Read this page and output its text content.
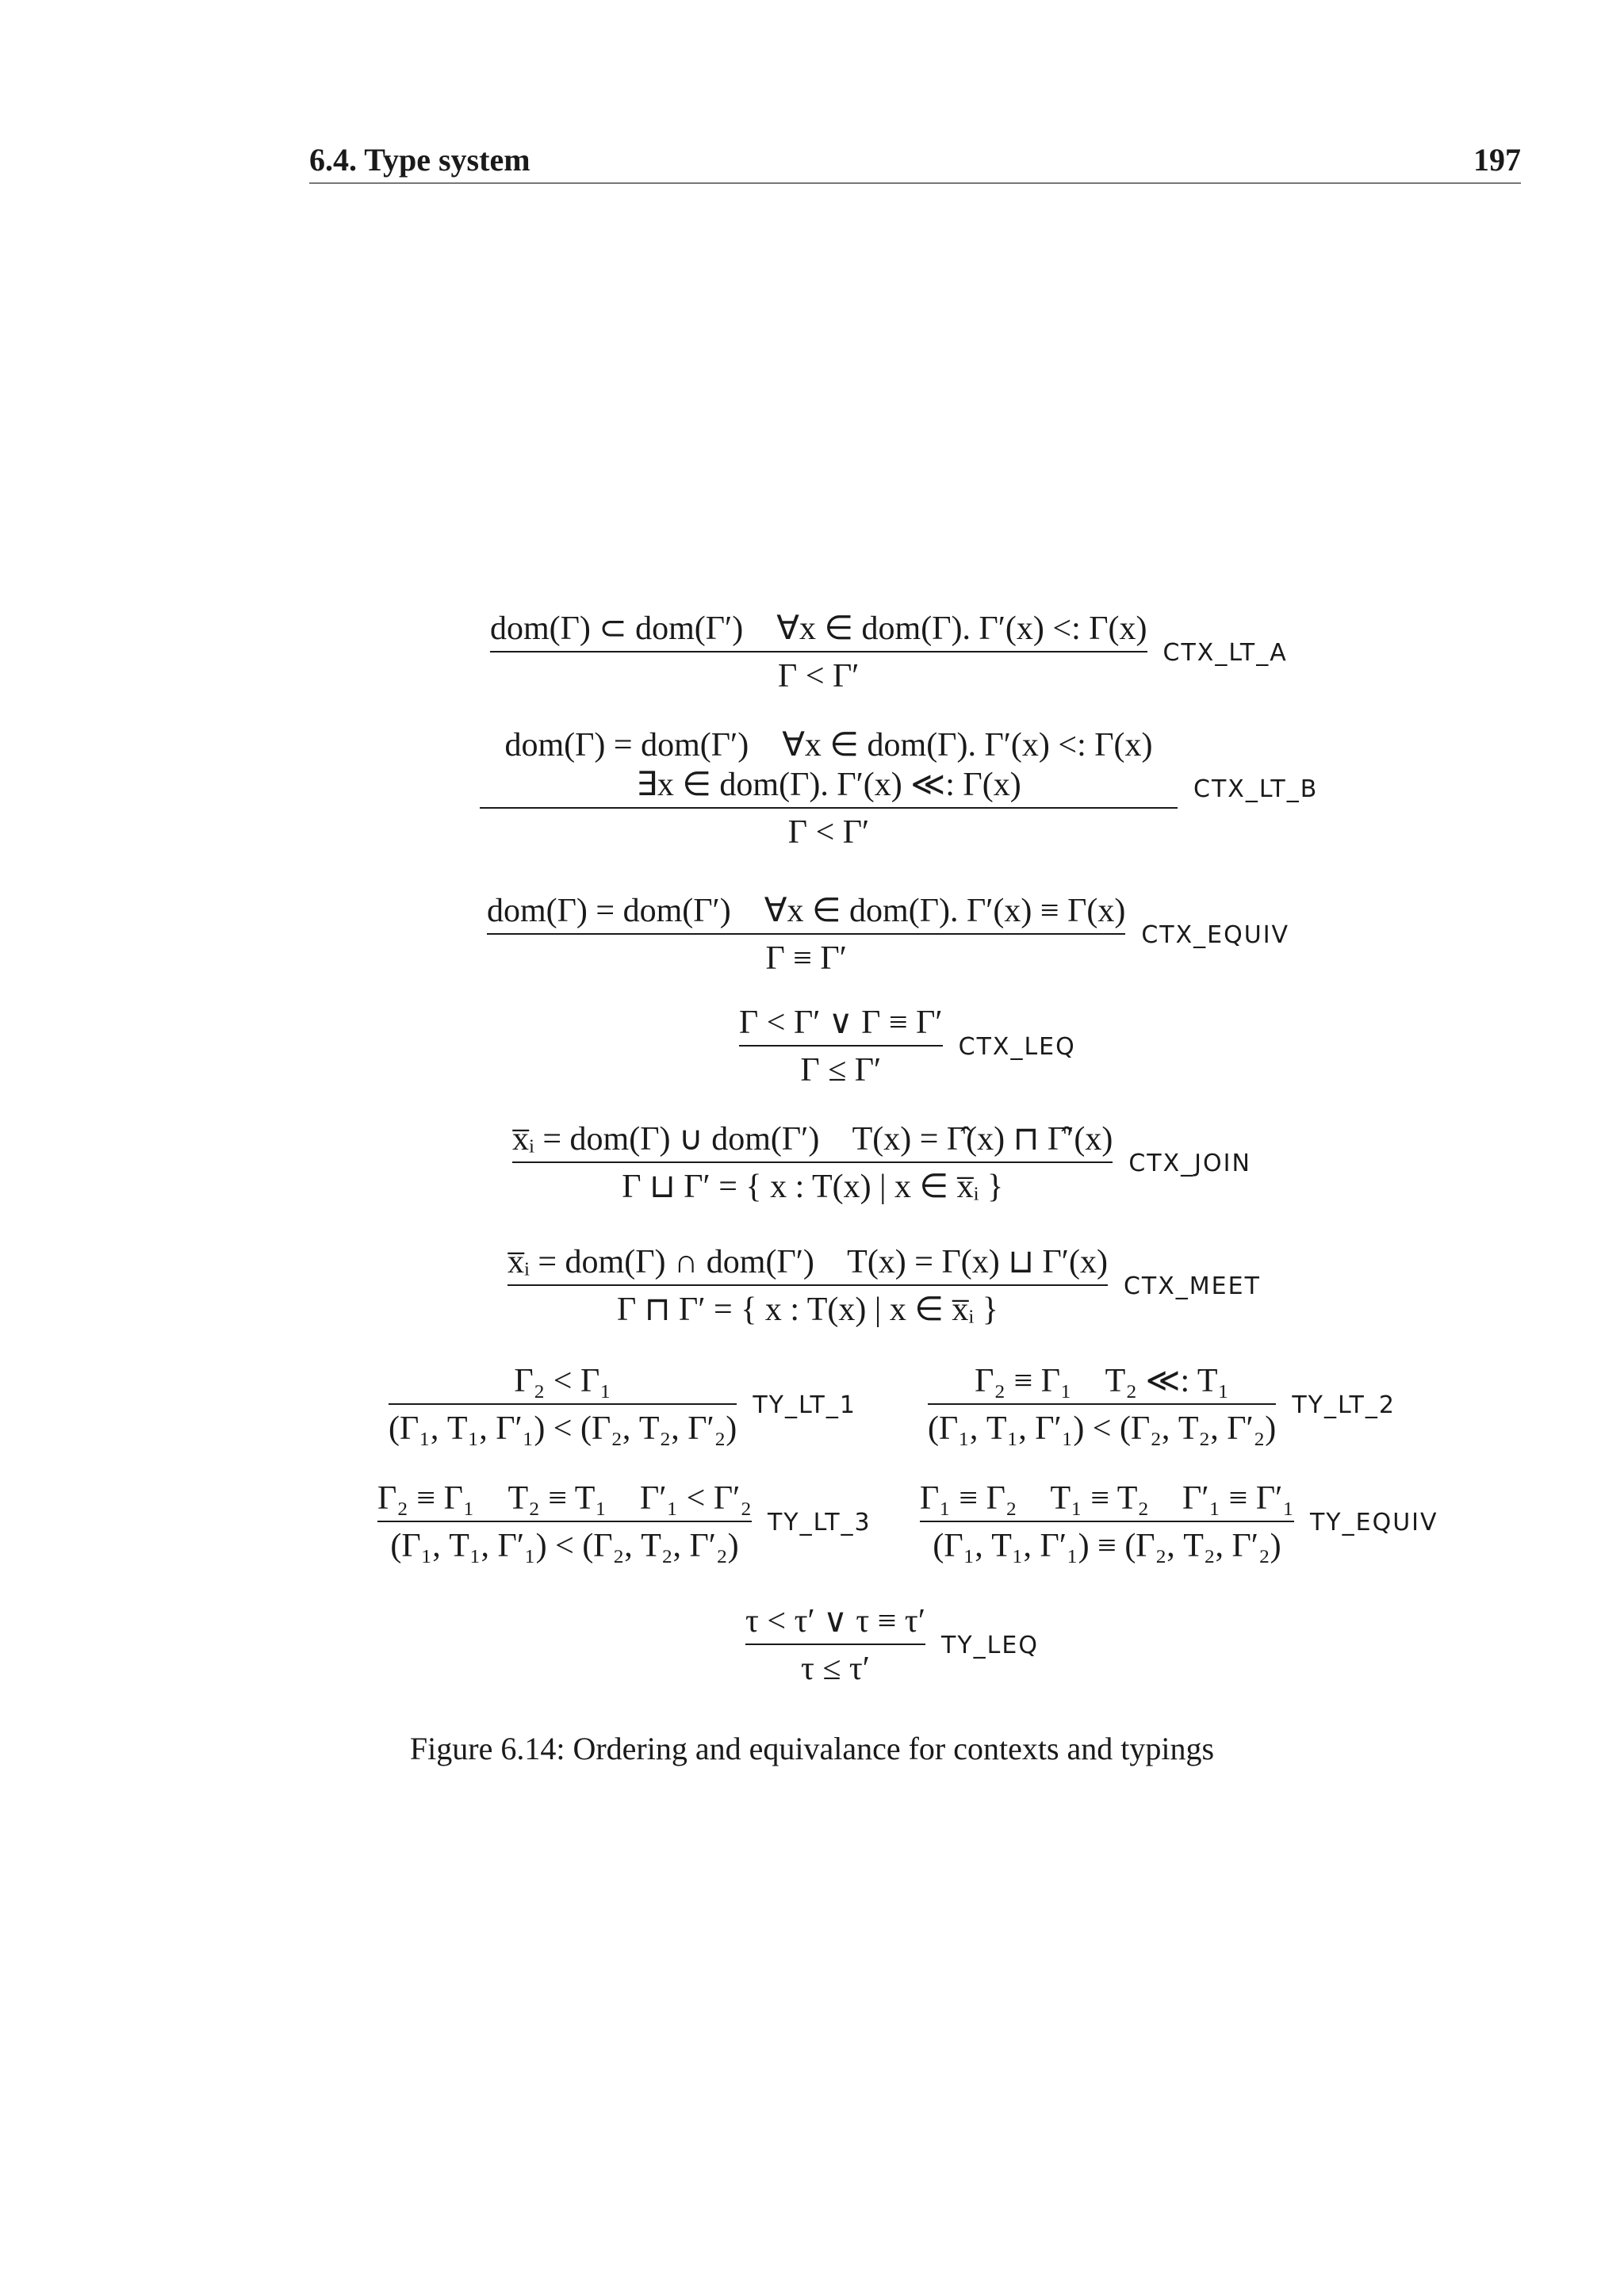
6.4. Type system	197
$\frac{\text{dom(Γ) ⊂ dom(Γ′)    ∀x ∈ dom(Γ). Γ′(x) <: Γ(x)}}{\Gamma < \Gamma'}$ CTX_LT_A
dom(Γ) = dom(Γ′)    ∀x ∈ dom(Γ). Γ′(x) <: Γ(x)
∃x ∈ dom(Γ). Γ′(x) ≪: Γ(x)
Γ < Γ′
CTX_LT_B
$\frac{\text{dom(Γ) = dom(Γ′)    ∀x ∈ dom(Γ). Γ′(x) ≡ Γ(x)}}{\Gamma \equiv \Gamma'}$ CTX_EQUIV
$\frac{\Gamma < \Gamma' \vee \Gamma \equiv \Gamma'}{\Gamma \le \Gamma'}$ CTX_LEQ
$\frac{\text{x̅ᵢ = dom(Γ) ∪ dom(Γ′)    T(x) = Γ̂(x) ⊓ Γ̂′(x)}}{\text{Γ ⊔ Γ′ = \{ x : T(x) | x ∈ x̅ᵢ \}}}$ CTX_JOIN
$\frac{\text{x̅ᵢ = dom(Γ) ∩ dom(Γ′)    T(x) = Γ(x) ⊔ Γ′(x)}}{\text{Γ ⊓ Γ′ = \{ x : T(x) | x ∈ x̅ᵢ \}}}$ CTX_MEET
$\frac{\text{Γ₂ < Γ₁}}{\text{(Γ₁, T₁, Γ′₁) < (Γ₂, T₂, Γ′₂)}}$ TY_LT_1 $\frac{\text{Γ₂ ≡ Γ₁    T₂ ≪: T₁}}{\text{(Γ₁, T₁, Γ′₁) < (Γ₂, T₂, Γ′₂)}}$ TY_LT_2
$\frac{\text{Γ₂ ≡ Γ₁    T₂ ≡ T₁    Γ′₁ < Γ′₂}}{\text{(Γ₁, T₁, Γ′₁) < (Γ₂, T₂, Γ′₂)}}$ TY_LT_3 $\frac{\text{Γ₁ ≡ Γ₂    T₁ ≡ T₂    Γ′₁ ≡ Γ′₁}}{\text{(Γ₁, T₁, Γ′₁) ≡ (Γ₂, T₂, Γ′₂)}}$ TY_EQUIV
$\frac{\tau < \tau' \vee \tau \equiv \tau'}{\tau \le \tau'}$ TY_LEQ
Figure 6.14: Ordering and equivalance for contexts and typings
